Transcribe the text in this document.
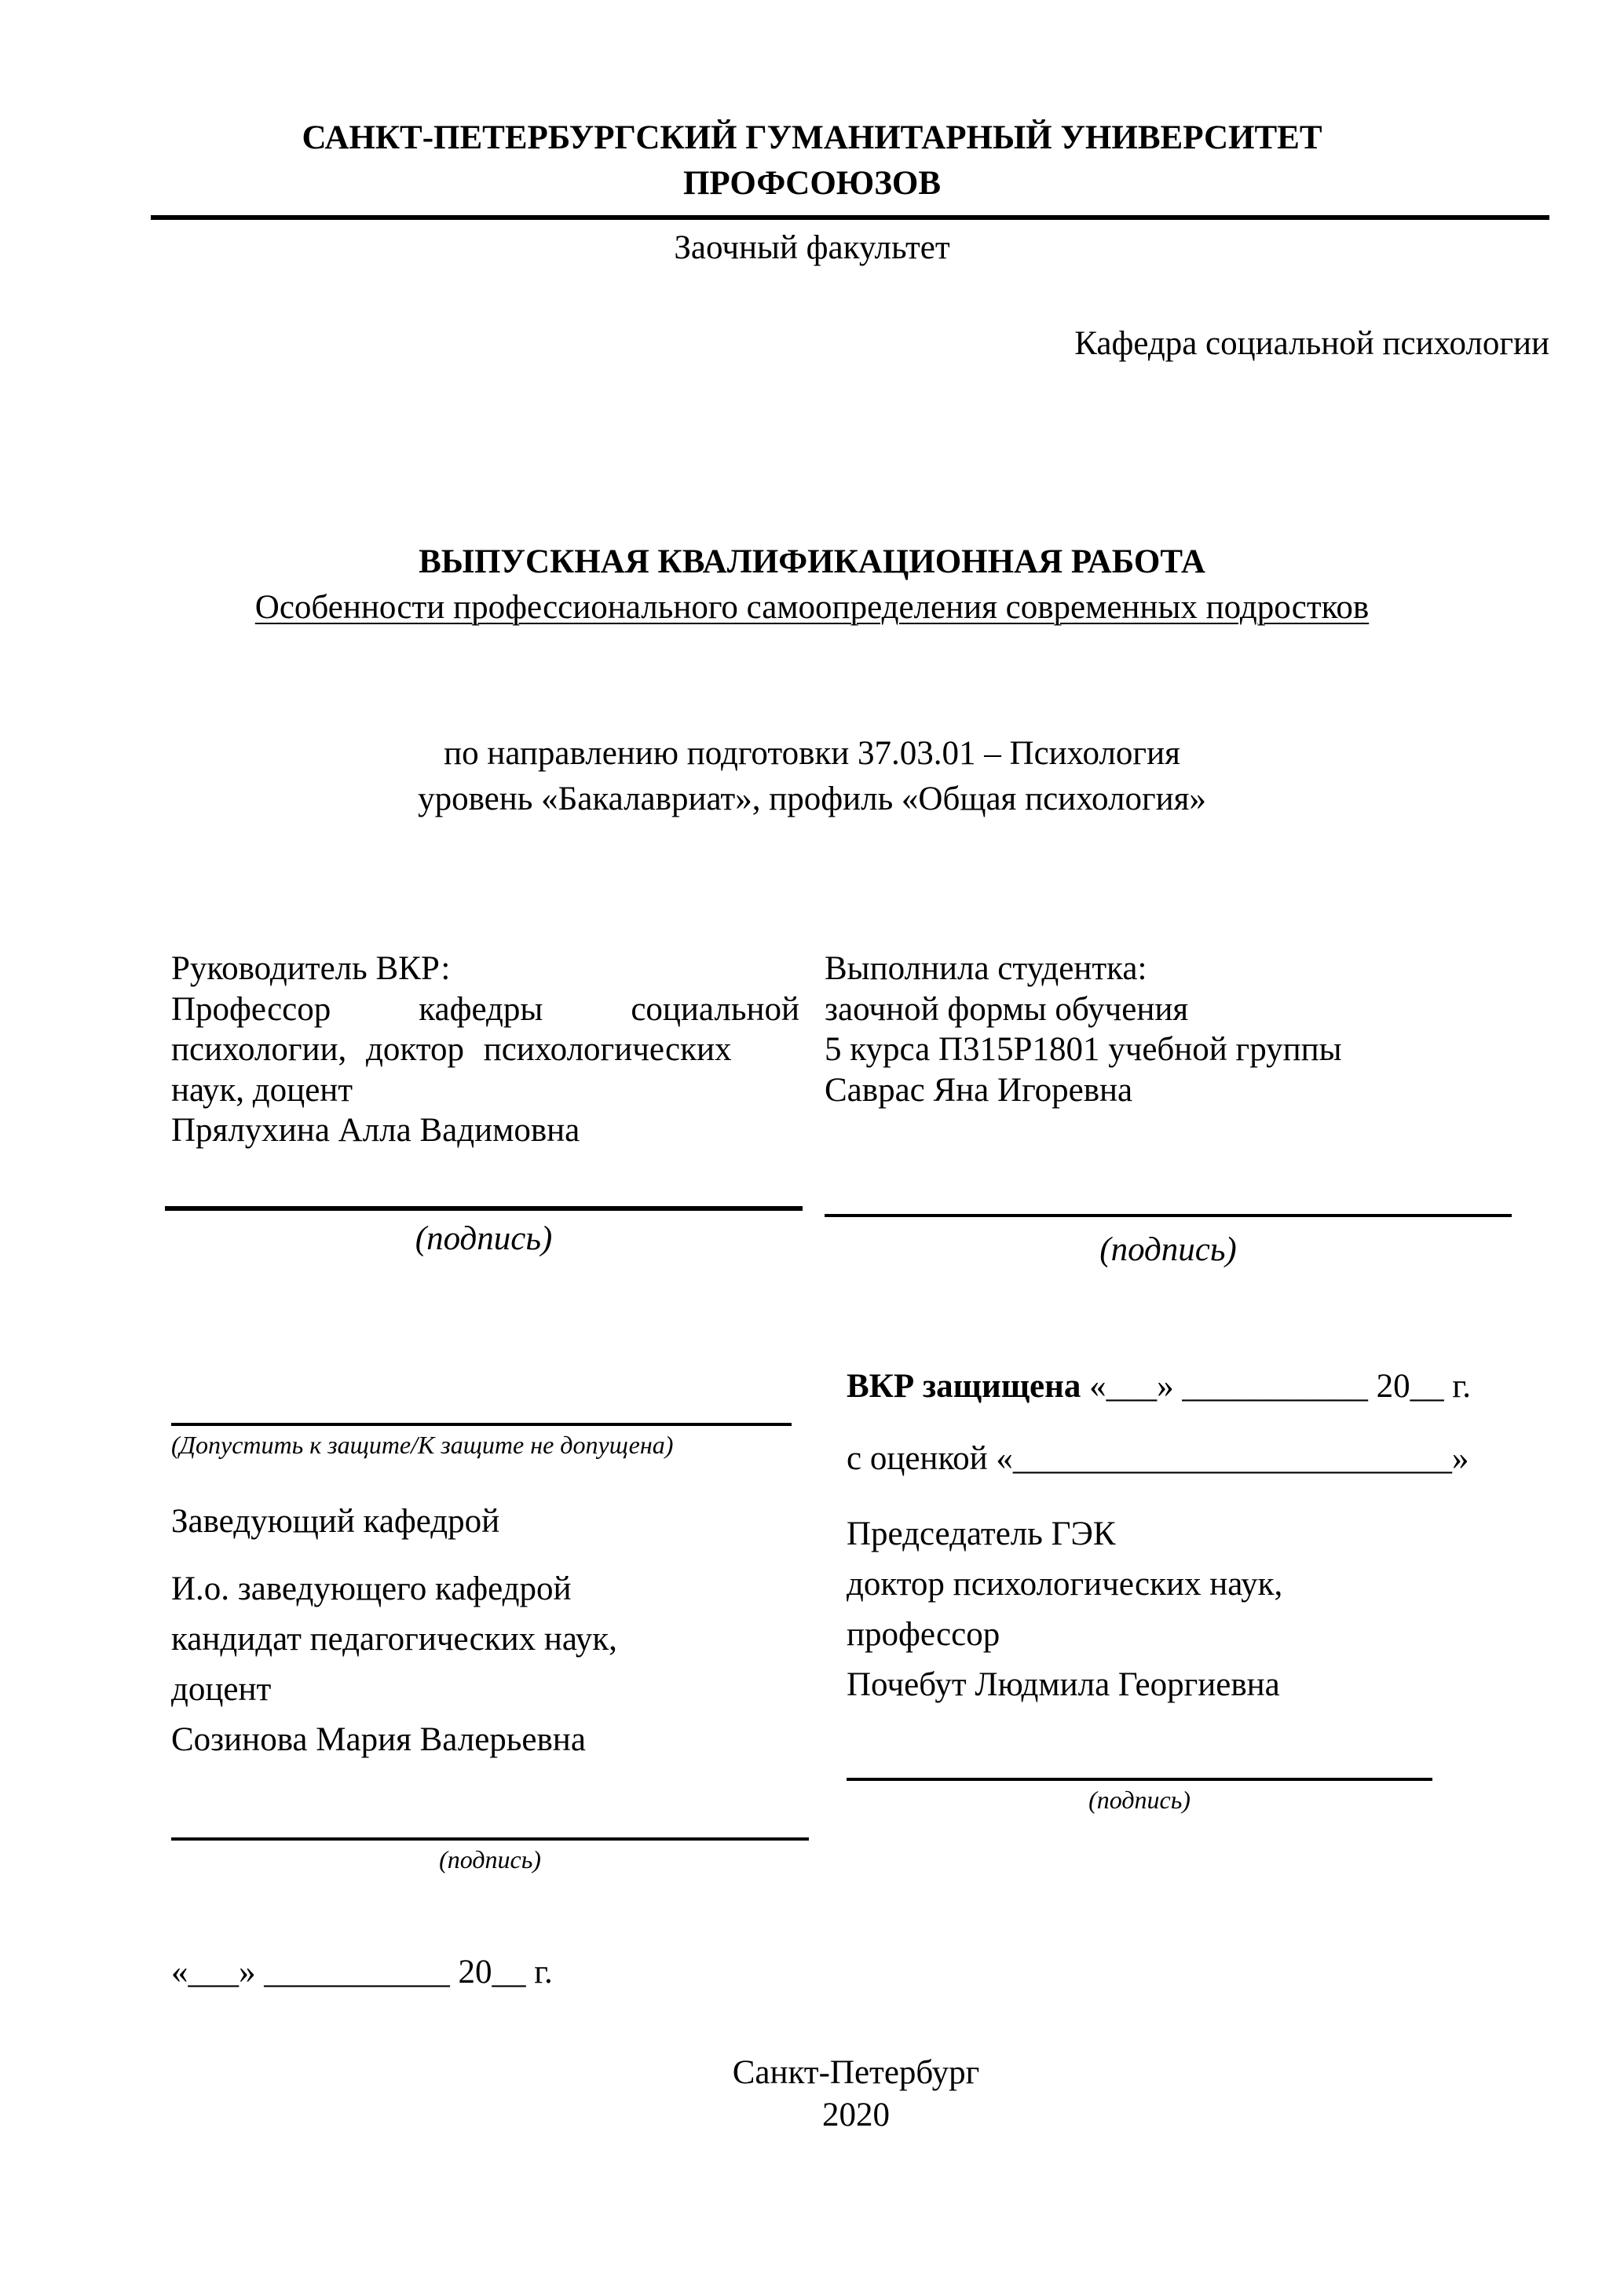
САНКТ-ПЕТЕРБУРГСКИЙ ГУМАНИТАРНЫЙ УНИВЕРСИТЕТ
ПРОФСОЮЗОВ
Заочный факультет
Кафедра социальной психологии
ВЫПУСКНАЯ КВАЛИФИКАЦИОННАЯ РАБОТА
Особенности профессионального самоопределения современных подростков
по направлению подготовки 37.03.01 – Психология
уровень «Бакалавриат», профиль «Общая психология»
Руководитель ВКР:
Профессор	кафедры	социальной
психологии, доктор психологических
наук, доцент
Прялухина Алла Вадимовна
(подпись)
Выполнила студентка:
заочной формы обучения
5 курса П315Р1801 учебной группы
Саврас Яна Игоревна
(подпись)
(Допустить к защите/К защите не допущена)
Заведующий кафедрой
И.о. заведующего кафедрой
кандидат педагогических наук,
доцент
Созинова Мария Валерьевна
(подпись)
«___» ___________ 20__ г.
ВКР защищена «___» ___________ 20__ г.
с оценкой «__________________________»
Председатель ГЭК
доктор психологических наук,
профессор
Почебут Людмила Георгиевна
(подпись)
Санкт-Петербург
2020
